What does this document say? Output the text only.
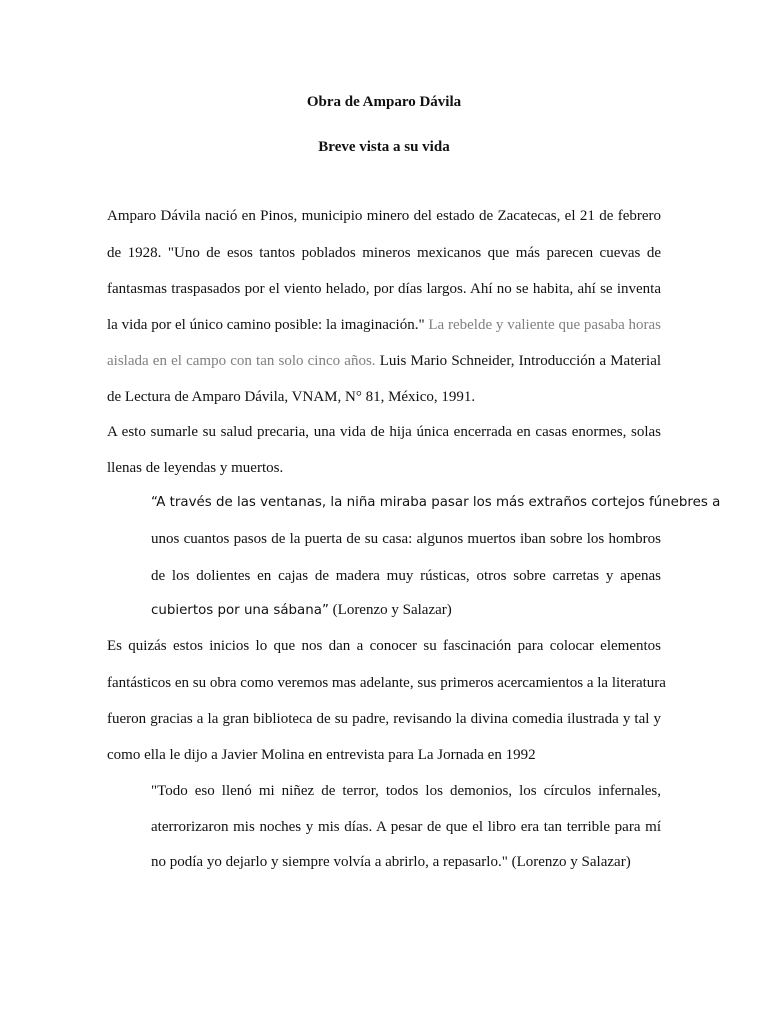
Obra de Amparo Dávila
Breve vista a su vida
Amparo Dávila nació en Pinos, municipio minero del estado de Zacatecas, el 21 de febrero
de 1928. "Uno de esos tantos poblados mineros mexicanos que más parecen cuevas de
fantasmas traspasados por el viento helado, por días largos. Ahí no se habita, ahí se inventa
la vida por el único camino posible: la imaginación." La rebelde y valiente que pasaba horas
aislada en el campo con tan solo cinco años. Luis Mario Schneider, Introducción a Material
de Lectura de Amparo Dávila, VNAM, N° 81, México, 1991.
A esto sumarle su salud precaria, una vida de hija única encerrada en casas enormes, solas
llenas de leyendas y muertos.
“A través de las ventanas, la niña miraba pasar los más extraños cortejos fúnebres a
unos cuantos pasos de la puerta de su casa: algunos muertos iban sobre los hombros
de los dolientes en cajas de madera muy rústicas, otros sobre carretas y apenas
cubiertos por una sábana” (Lorenzo y Salazar)
Es quizás estos inicios lo que nos dan a conocer su fascinación para colocar elementos
fantásticos en su obra como veremos mas adelante, sus primeros acercamientos a la literatura
fueron gracias a la gran biblioteca de su padre, revisando la divina comedia ilustrada y tal y
como ella le dijo a Javier Molina en entrevista para La Jornada en 1992
"Todo eso llenó mi niñez de terror, todos los demonios, los círculos infernales,
aterrorizaron mis noches y mis días. A pesar de que el libro era tan terrible para mí
no podía yo dejarlo y siempre volvía a abrirlo, a repasarlo." (Lorenzo y Salazar)
